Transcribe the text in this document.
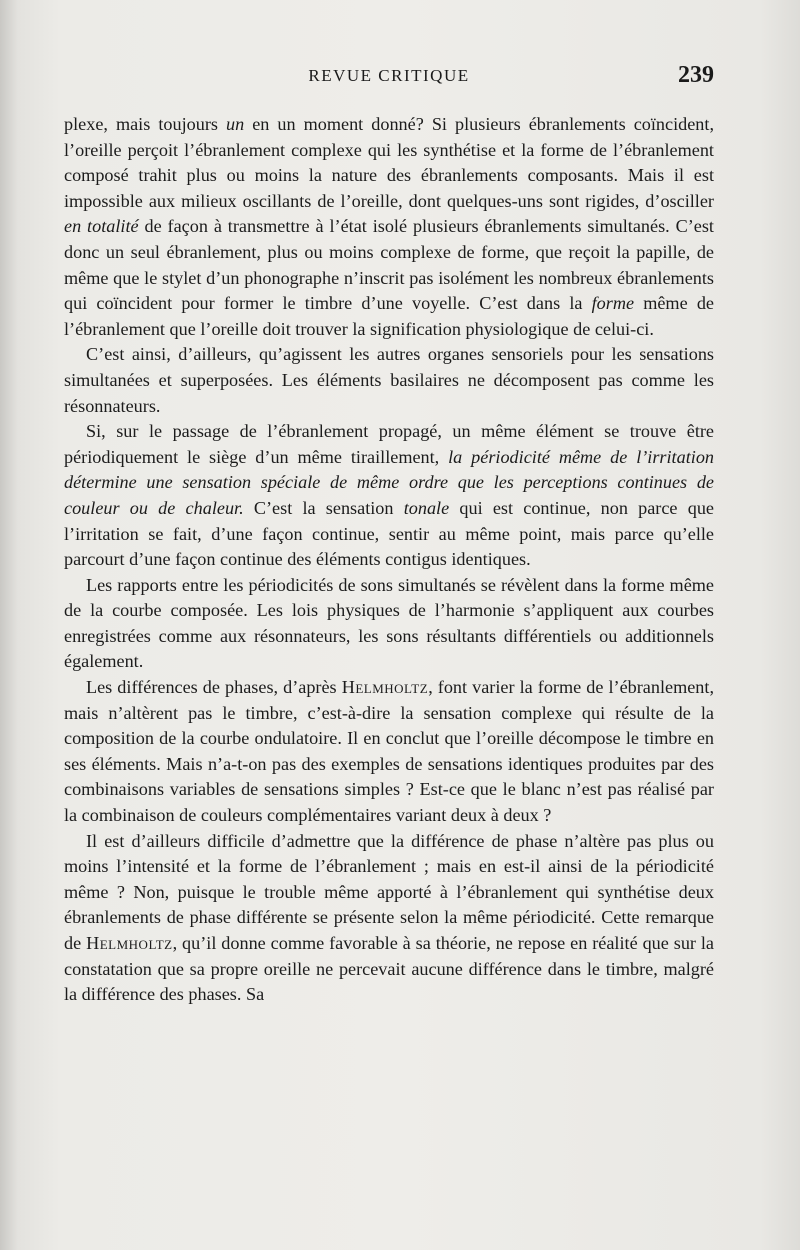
REVUE CRITIQUE	239

plexe, mais toujours un en un moment donné? Si plusieurs ébranlements coïncident, l’oreille perçoit l’ébranlement complexe qui les synthétise et la forme de l’ébranlement composé trahit plus ou moins la nature des ébranlements composants. Mais il est impossible aux milieux oscillants de l’oreille, dont quelques-uns sont rigides, d’osciller en totalité de façon à transmettre à l’état isolé plusieurs ébranlements simultanés. C’est donc un seul ébranlement, plus ou moins complexe de forme, que reçoit la papille, de même que le stylet d’un phonographe n’inscrit pas isolément les nombreux ébranlements qui coïncident pour former le timbre d’une voyelle. C’est dans la forme même de l’ébranlement que l’oreille doit trouver la signification physiologique de celui-ci.

C’est ainsi, d’ailleurs, qu’agissent les autres organes sensoriels pour les sensations simultanées et superposées. Les éléments basilaires ne décomposent pas comme les résonnateurs.

Si, sur le passage de l’ébranlement propagé, un même élément se trouve être périodiquement le siège d’un même tiraillement, la périodicité même de l’irritation détermine une sensation spéciale de même ordre que les perceptions continues de couleur ou de chaleur. C’est la sensation tonale qui est continue, non parce que l’irritation se fait, d’une façon continue, sentir au même point, mais parce qu’elle parcourt d’une façon continue des éléments contigus identiques.

Les rapports entre les périodicités de sons simultanés se révèlent dans la forme même de la courbe composée. Les lois physiques de l’harmonie s’appliquent aux courbes enregistrées comme aux résonnateurs, les sons résultants différentiels ou additionnels également.

Les différences de phases, d’après Helmholtz, font varier la forme de l’ébranlement, mais n’altèrent pas le timbre, c’est-à-dire la sensation complexe qui résulte de la composition de la courbe ondulatoire. Il en conclut que l’oreille décompose le timbre en ses éléments. Mais n’a-t-on pas des exemples de sensations identiques produites par des combinaisons variables de sensations simples ? Est-ce que le blanc n’est pas réalisé par la combinaison de couleurs complémentaires variant deux à deux ?

Il est d’ailleurs difficile d’admettre que la différence de phase n’altère pas plus ou moins l’intensité et la forme de l’ébranlement ; mais en est-il ainsi de la périodicité même ? Non, puisque le trouble même apporté à l’ébranlement qui synthétise deux ébranlements de phase différente se présente selon la même périodicité. Cette remarque de Helmholtz, qu’il donne comme favorable à sa théorie, ne repose en réalité que sur la constatation que sa propre oreille ne percevait aucune différence dans le timbre, malgré la différence des phases. Sa
